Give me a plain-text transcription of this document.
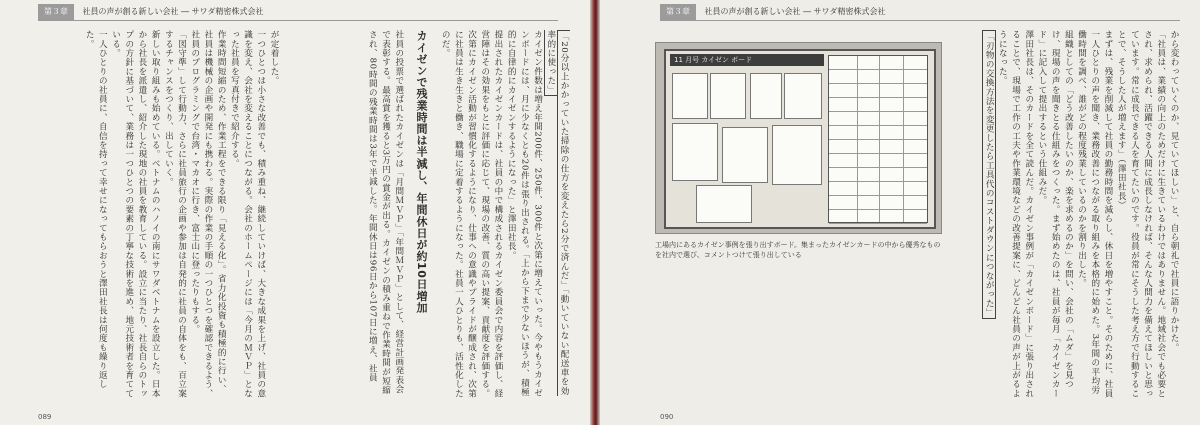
第３章 社員の声が創る新しい会社 ― サワダ精密株式会社

「20分以上かかっていた掃除の仕方を変えたら2分で済んだ」「動いていない配送車を効率的に使った」

カイゼン件数は増え年間200件、250件、300件と次第に増えていった。今やもうカイゼンボードには、月に少なくとも20件は張り出される。「上から下まで少ないほうが、積極的に自律的にカイゼンするようになった」と澤田社長。

提出されたカイゼンカードは、社員の中で構成されるカイゼン委員会で内容を評価し、経営陣はその効果をもとに評価に応じて、現場の改善、質の高い提案、貢献度を評価する。次第にカイゼン活動が習慣化するようになり、仕事への意識やプライドが醸成され、次第に社員は生き生きと働き、職場に定着するようになった。社員一人ひとりも、活性化したのだ。

カイゼンで残業時間は半減し、年間休日が約10日増加

社員の投票で選ばれたカイゼンは「月間ＭＶＰ」「年間ＭＶＰ」として、経営計画発表会で表彰する。最高賞を獲ると3万円の賞金が出る。カイゼンの積み重ねで作業時間が短縮され、80時間の残業時間は3年で半減した。年間休日は96日から107日に増え、社員

が定着した。

一つひとつは小さな改善でも、積み重ね、継続していけば、大きな成果を上げ、社員の意識を変え、会社を変えることにつながる。会社のホームページには「今月のＭＶＰ」となった社員を写真付きで紹介する。

作業時間短縮のため、作業工程をできる限り「見える化」。省力化投資も積極的に行い、社員は機械の企画や開発にも携わる。実際の作業の手順の一つひとつを確認できるよう、社員のプログラミングで台湾・マカオに行き、富士山に登ったりもする。

「図守準」して行動力、さらに社員旅行の企画や参加は自発的に社員の自体をも、百立案するチャンスをつくり、出していく。

新しい取り組みも始めている。ベトナムのハノイの南にサワダベトナムを設立した。日本から社長を派遣し、紹介した現地の社員を教育している。設立に当たり、社長自らのトップの方針に基づいて、業務は一つひとつの要素の丁寧な技術を進め、地元技術者を育てている。

一人ひとりの社員に、自信を持って幸せになってもらおうと澤田社長は何度も繰り返した。

089
第３章 社員の声が創る新しい会社 ― サワダ精密株式会社
11 月号 カイゼン ボード
工場内にあるカイゼン事例を張り出すボード。集まったカイゼンカードの中から優秀なものを社内で選び、コメントつけて張り出している	から変わっていくのか、見ていてほしい」と、自ら朝礼で社員に語りかけた。

「社員は、業績の向上のためだけに生きているわけではありません。地域社会でも必要とされ、求められ、活躍できる人間に成長しなければ、そんな人間力を備えてほしいと思っています。常に成長できる人を育てたいのです。役員が常にそうした考え方で行動することで、そうした人が増えます」（澤田社長）

まずは、残業を削減して社員の勤務時間を減らし、休日を増やすこと。そのために、社員一人ひとりの声を聞き、業務改善につながる取り組みを本格的に始めた。3年間の平均労働時間を調べ、誰がどの程度残業しているのかを割り出した。

組織としての「どう改善したいのか、楽を求めるのか」を問い、会社の「ムダ」を見つけ、現場の声を聞きとる仕組みをつくった。まず始めたのは、社員が毎月「カイゼンカード」に記入して提出するという仕組みだ。

澤田社長は、そのカードを全て読んだ。カイゼン事例が「カイゼンボード」に張り出されることで、現場で工作の工夫や作業環境などの改善提案に、どんどん社員の声が上がるようになった。

「刃物の交換方法を変更したら工具代のコストダウンにつながった」

090
